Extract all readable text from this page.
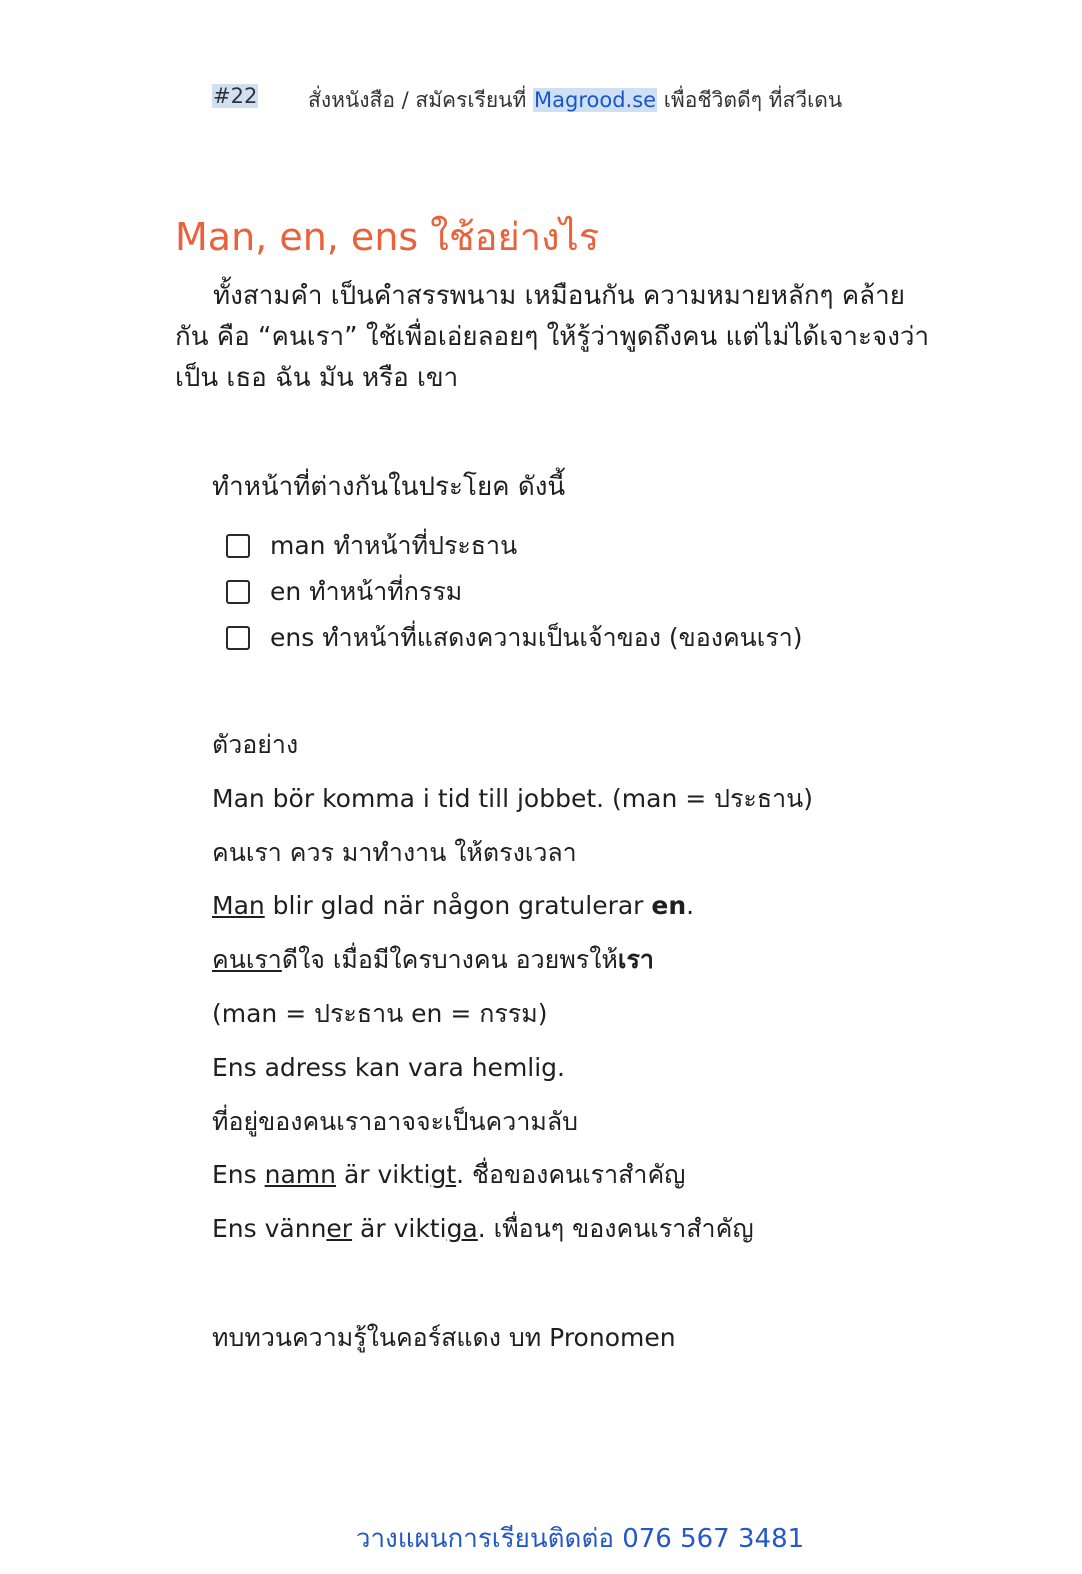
#22 สั่งหนังสือ / สมัครเรียนที่ Magrood.se เพื่อชีวิตดีๆ ที่สวีเดน
Man, en, ens ใช้อย่างไร

ทั้งสามคำ เป็นคำสรรพนาม เหมือนกัน ความหมายหลักๆ คล้ายกัน คือ “คนเรา” ใช้เพื่อเอ่ยลอยๆ ให้รู้ว่าพูดถึงคน แต่ไม่ได้เจาะจงว่าเป็น เธอ ฉัน มัน หรือ เขา

ทำหน้าที่ต่างกันในประโยค ดังนี้
man ทำหน้าที่ประธาน
en ทำหน้าที่กรรม
ens ทำหน้าที่แสดงความเป็นเจ้าของ (ของคนเรา)
ตัวอย่าง
Man bör komma i tid till jobbet. (man = ประธาน)
คนเรา ควร มาทำงาน ให้ตรงเวลา
Man blir glad när någon gratulerar en.
คนเราดีใจ เมื่อมีใครบางคน อวยพรให้เรา
(man = ประธาน en = กรรม)
Ens adress kan vara hemlig.
ที่อยู่ของคนเราอาจจะเป็นความลับ
Ens namn är viktigt. ชื่อของคนเราสำคัญ
Ens vänner är viktiga. เพื่อนๆ ของคนเราสำคัญ
ทบทวนความรู้ในคอร์สแดง บท Pronomen
วางแผนการเรียนติดต่อ 076 567 3481
